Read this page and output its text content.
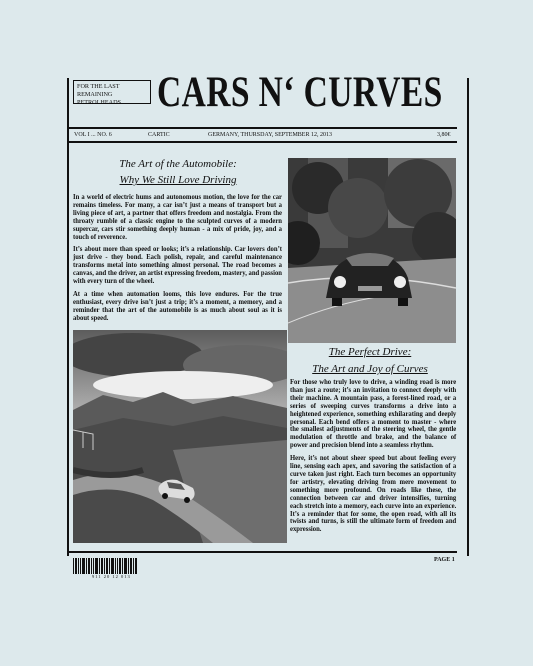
FOR THE LAST REMAINING PETROLHEADS CARS N‘ CURVES
VOL I ... NO. 6	CARTIC	GERMANY, THURSDAY, SEPTEMBER 12, 2013	3,80€
The Art of the Automobile:
Why We Still Love Driving

In a world of electric hums and autonomous motion, the love for the car remains timeless. For many, a car isn’t just a means of transport but a living piece of art, a partner that offers freedom and nostalgia. From the throaty rumble of a classic engine to the sculpted curves of a modern supercar, cars stir something deeply human - a mix of pride, joy, and a touch of reverence.

It’s about more than speed or looks; it’s a relationship. Car lovers don’t just drive - they bond. Each polish, repair, and careful maintenance transforms metal into something almost personal. The road becomes a canvas, and the driver, an artist expressing freedom, mastery, and passion with every turn of the wheel.

At a time when automation looms, this love endures. For the true enthusiast, every drive isn’t just a trip; it’s a moment, a memory, and a reminder that the art of the automobile is as much about soul as it is about speed.

The Perfect Drive:
The Art and Joy of Curves

For those who truly love to drive, a winding road is more than just a route; it’s an invitation to connect deeply with their machine. A mountain pass, a forest-lined road, or a series of sweeping curves transforms a drive into a heightened experience, something exhilarating and deeply personal. Each bend offers a moment to master - where the smallest adjustments of the steering wheel, the gentle modulation of throttle and brake, and the balance of power and precision blend into a seamless rhythm.

Here, it’s not about sheer speed but about feeling every line, sensing each apex, and savoring the satisfaction of a curve taken just right. Each turn becomes an opportunity for artistry, elevating driving from mere movement to something more profound. On roads like these, the connection between car and driver intensifies, turning each stretch into a memory, each curve into an experience. It’s a reminder that for some, the open road, with all its twists and turns, is still the ultimate form of freedom and expression.

911 20 12 013
PAGE 1
